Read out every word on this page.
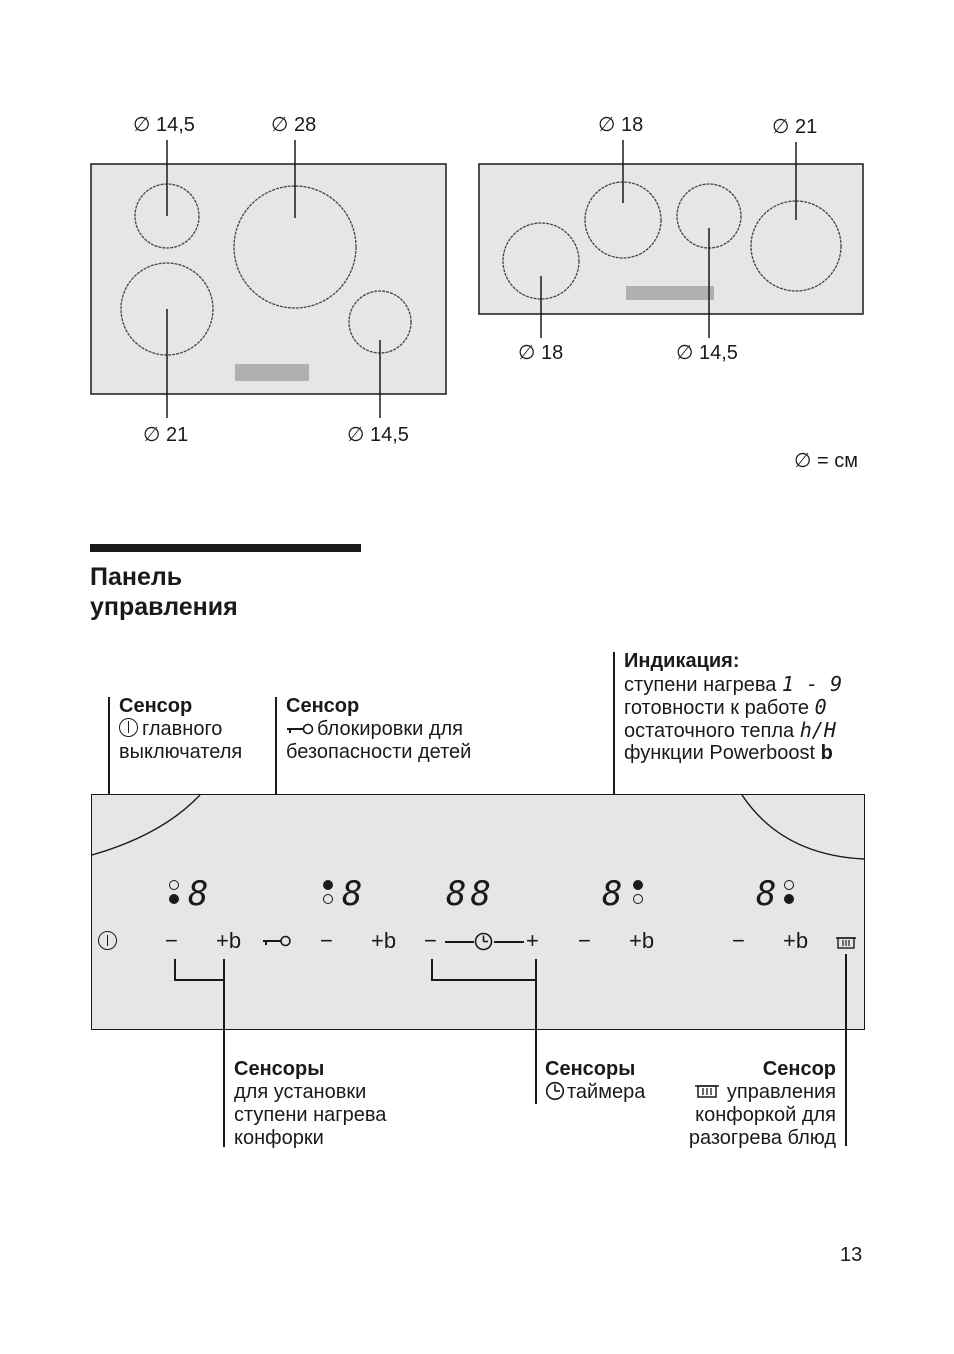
∅ 14,5	∅ 28
∅ 21	∅ 14,5
∅ 18	∅ 21
∅ 18	∅ 14,5
∅ = см
Панель
управления
Сенсор
главного
выключателя
Сенсор
блокировки для
безопасности детей
Индикация:
ступени нагрева 1 - 9
готовности к работе 0
остаточного тепла h/H
функции Powerboost b
8	8 88	8	8
− +b	− +b −	+ − +b	− +b
Сенсоры
для установки
ступени нагрева
конфорки
Сенсоры
таймера
Сенсор
управления
конфоркой для
разогрева блюд
13
